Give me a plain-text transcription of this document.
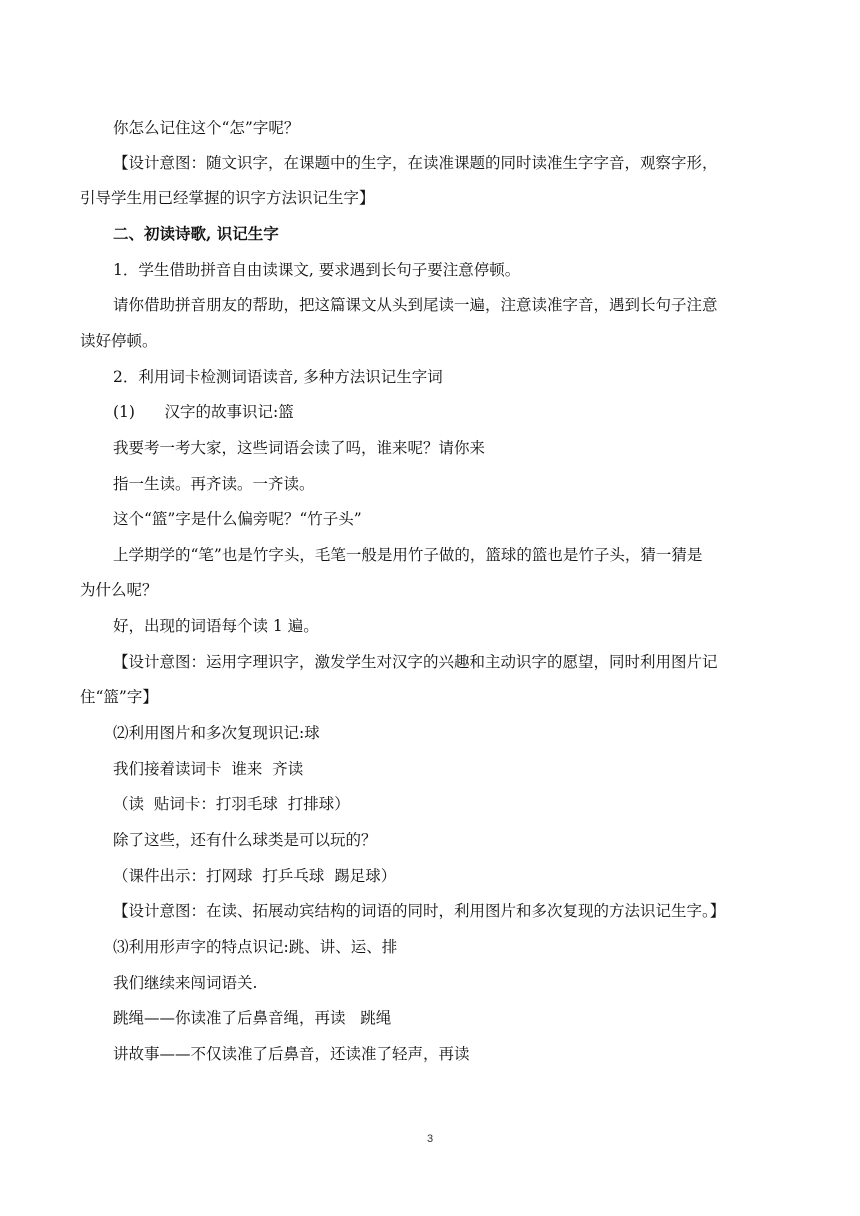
你怎么记住这个“怎”字呢？
【设计意图：随文识字，在课题中的生字，在读准课题的同时读准生字字音，观察字形，
引导学生用已经掌握的识字方法识记生字】
二、初读诗歌, 识记生字
1．学生借助拼音自由读课文, 要求遇到长句子要注意停顿。
请你借助拼音朋友的帮助，把这篇课文从头到尾读一遍，注意读准字音，遇到长句子注意
读好停顿。
2．利用词卡检测词语读音, 多种方法识记生字词
(1)      汉字的故事识记:篮
我要考一考大家，这些词语会读了吗，谁来呢？请你来
指一生读。再齐读。一齐读。
这个“篮”字是什么偏旁呢？“竹子头”
上学期学的“笔”也是竹字头，毛笔一般是用竹子做的，篮球的篮也是竹子头，猜一猜是
为什么呢？
好，出现的词语每个读 1 遍。
【设计意图：运用字理识字，激发学生对汉字的兴趣和主动识字的愿望，同时利用图片记
住“篮”字】
⑵利用图片和多次复现识记:球
我们接着读词卡  谁来  齐读
（读  贴词卡：打羽毛球  打排球）
除了这些，还有什么球类是可以玩的？
（课件出示：打网球  打乒乓球  踢足球）
【设计意图：在读、拓展动宾结构的词语的同时，利用图片和多次复现的方法识记生字。】
⑶利用形声字的特点识记:跳、讲、运、排
我们继续来闯词语关.
跳绳——你读准了后鼻音绳，再读   跳绳
讲故事——不仅读准了后鼻音，还读准了轻声，再读
3
